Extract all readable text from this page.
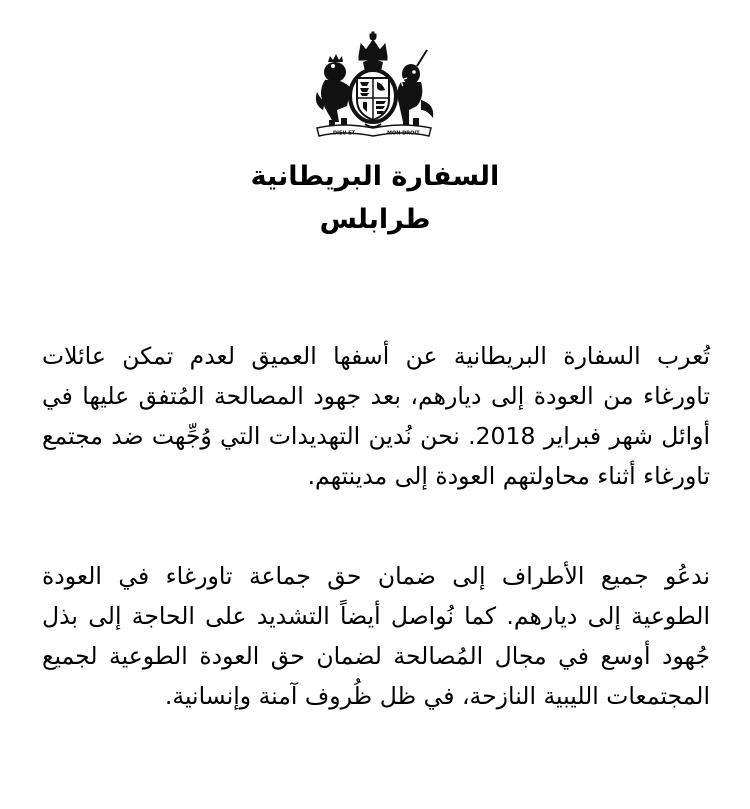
DIEU ET	MON DROIT
السفارة البريطانية
طرابلس

تُعرب السفارة البريطانية عن أسفها العميق لعدم تمكن عائلات تاورغاء من العودة إلى ديارهم، بعد جهود المصالحة المُتفق عليها في أوائل شهر فبراير 2018. نحن نُدين التهديدات التي وُجِّهت ضد مجتمع تاورغاء أثناء محاولتهم العودة إلى مدينتهم.

ندعُو جميع الأطراف إلى ضمان حق جماعة تاورغاء في العودة الطوعية إلى ديارهم. كما نُواصل أيضاً التشديد على الحاجة إلى بذل جُهود أوسع في مجال المُصالحة لضمان حق العودة الطوعية لجميع المجتمعات الليبية النازحة، في ظل ظُروف آمنة وإنسانية.
